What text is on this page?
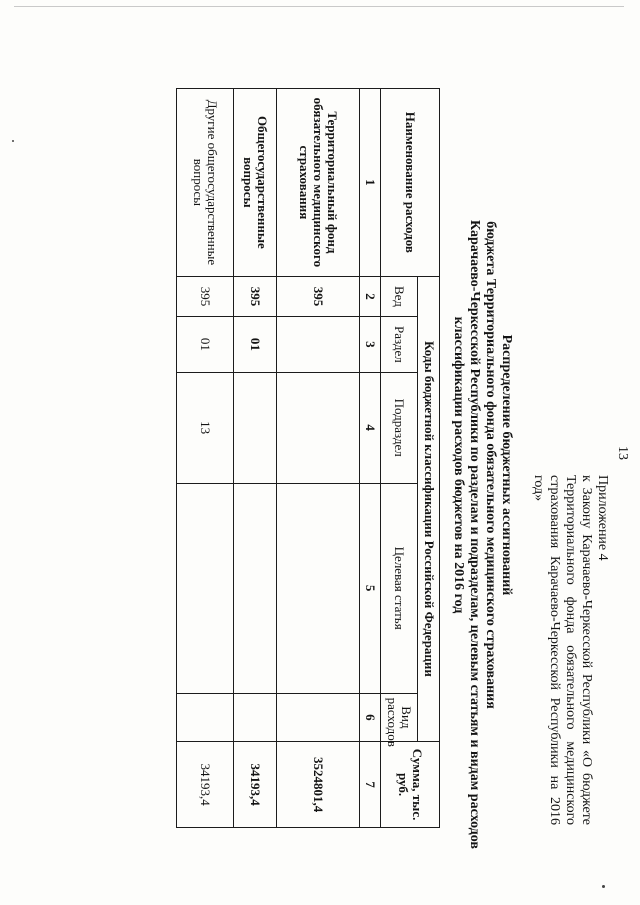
13
Приложение 4
к Закону Карачаево-Черкесской Республики «О бюджете Территориального фонда обязательного медицинского страхования Карачаево-Черкесской Республики на 2016 год»
Распределение бюджетных ассигнований
бюджета Территориального фонда обязательного медицинского страхования
Карачаево-Черкесской Республики по разделам и подразделам, целевым статьям и видам расходов
классификации расходов бюджетов на 2016 год
Наименование расходов	Коды бюджетной классификации Российской Федерации					Сумма, тыс. руб.
	Вед	Раздел	Подраздел	Целевая статья	Вид расходов	
1	2	3	4	5	6	7
Территориальный фонд обязательного медицинского страхования	395					3524801,4
Общегосударственные вопросы	395	01				34193,4
Другие общегосударственные вопросы	395	01	13			34193,4
